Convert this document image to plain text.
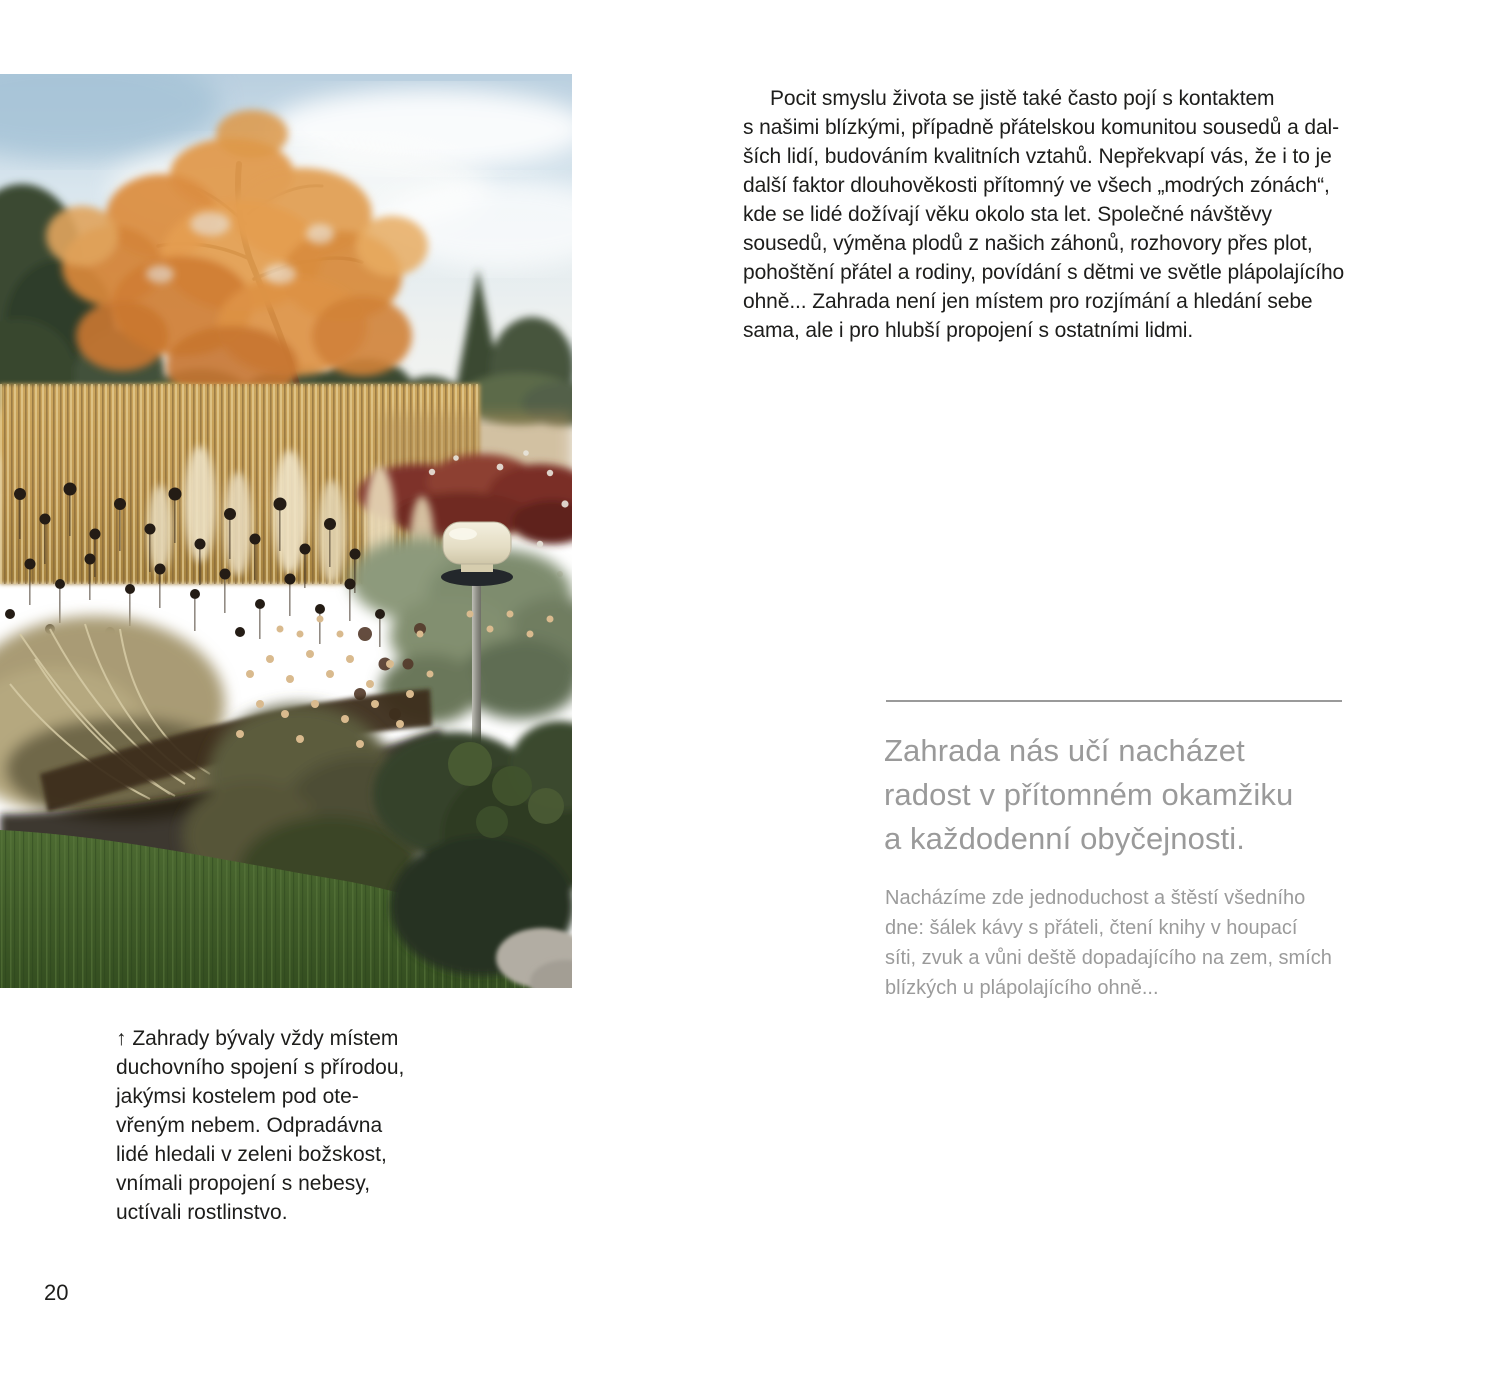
Pocit smyslu života se jistě také často pojí s kontaktem
s našimi blízkými, případně přátelskou komunitou sousedů a dal-
ších lidí, budováním kvalitních vztahů. Nepřekvapí vás, že i to je
další faktor dlouhověkosti přítomný ve všech „modrých zónách“,
kde se lidé dožívají věku okolo sta let. Společné návštěvy
sousedů, výměna plodů z našich záhonů, rozhovory přes plot,
pohoštění přátel a rodiny, povídání s dětmi ve světle plápolajícího
ohně... Zahrada není jen místem pro rozjímání a hledání sebe
sama, ale i pro hlubší propojení s ostatními lidmi.
Zahrada nás učí nacházet
radost v přítomném okamžiku
a každodenní obyčejnosti.
Nacházíme zde jednoduchost a štěstí všedního
dne: šálek kávy s přáteli, čtení knihy v houpací
síti, zvuk a vůni deště dopadajícího na zem, smích
blízkých u plápolajícího ohně...
↑ Zahrady bývaly vždy místem
duchovního spojení s přírodou,
jakýmsi kostelem pod ote-
vřeným nebem. Odpradávna
lidé hledali v zeleni božskost,
vnímali propojení s nebesy,
uctívali rostlinstvo.
20
